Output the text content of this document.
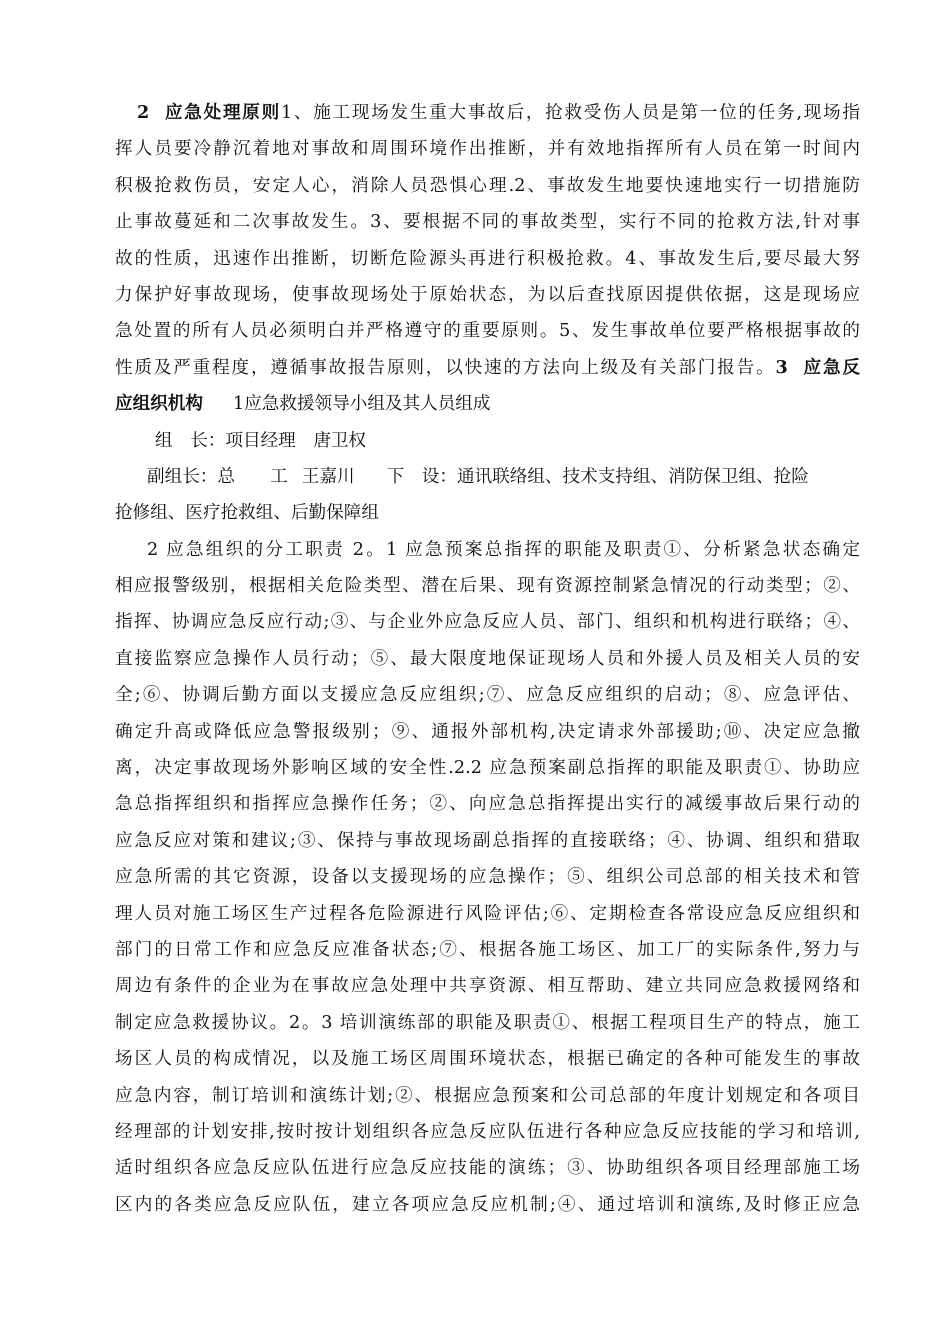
2 应急处理原则1、施工现场发生重大事故后，抢救受伤人员是第一位的任务,现场指
挥人员要冷静沉着地对事故和周围环境作出推断，并有效地指挥所有人员在第一时间内
积极抢救伤员，安定人心，消除人员恐惧心理.2、事故发生地要快速地实行一切措施防
止事故蔓延和二次事故发生。3、要根据不同的事故类型，实行不同的抢救方法,针对事
故的性质，迅速作出推断，切断危险源头再进行积极抢救。4、事故发生后,要尽最大努
力保护好事故现场，使事故现场处于原始状态，为以后查找原因提供依据，这是现场应
急处置的所有人员必须明白并严格遵守的重要原则。5、发生事故单位要严格根据事故的
性质及严重程度，遵循事故报告原则，以快速的方法向上级及有关部门报告。3 应急反
应组织机构 1应急救援领导小组及其人员组成
组　长：项目经理　唐卫权
副组长：总　　工 王嘉川 下　设：通讯联络组、技术支持组、消防保卫组、抢险
抢修组、医疗抢救组、后勤保障组
2 应急组织的分工职责 2。1 应急预案总指挥的职能及职责①、分析紧急状态确定
相应报警级别，根据相关危险类型、潜在后果、现有资源控制紧急情况的行动类型；②、
指挥、协调应急反应行动;③、与企业外应急反应人员、部门、组织和机构进行联络；④、
直接监察应急操作人员行动；⑤、最大限度地保证现场人员和外援人员及相关人员的安
全;⑥、协调后勤方面以支援应急反应组织;⑦、应急反应组织的启动；⑧、应急评估、
确定升高或降低应急警报级别；⑨、通报外部机构,决定请求外部援助;⑩、决定应急撤
离，决定事故现场外影响区域的安全性.2.2 应急预案副总指挥的职能及职责①、协助应
急总指挥组织和指挥应急操作任务；②、向应急总指挥提出实行的减缓事故后果行动的
应急反应对策和建议;③、保持与事故现场副总指挥的直接联络；④、协调、组织和猎取
应急所需的其它资源，设备以支援现场的应急操作；⑤、组织公司总部的相关技术和管
理人员对施工场区生产过程各危险源进行风险评估;⑥、定期检查各常设应急反应组织和
部门的日常工作和应急反应准备状态;⑦、根据各施工场区、加工厂的实际条件,努力与
周边有条件的企业为在事故应急处理中共享资源、相互帮助、建立共同应急救援网络和
制定应急救援协议。2。3 培训演练部的职能及职责①、根据工程项目生产的特点，施工
场区人员的构成情况，以及施工场区周围环境状态，根据已确定的各种可能发生的事故
应急内容，制订培训和演练计划;②、根据应急预案和公司总部的年度计划规定和各项目
经理部的计划安排,按时按计划组织各应急反应队伍进行各种应急反应技能的学习和培训,
适时组织各应急反应队伍进行应急反应技能的演练；③、协助组织各项目经理部施工场
区内的各类应急反应队伍，建立各项应急反应机制;④、通过培训和演练,及时修正应急
